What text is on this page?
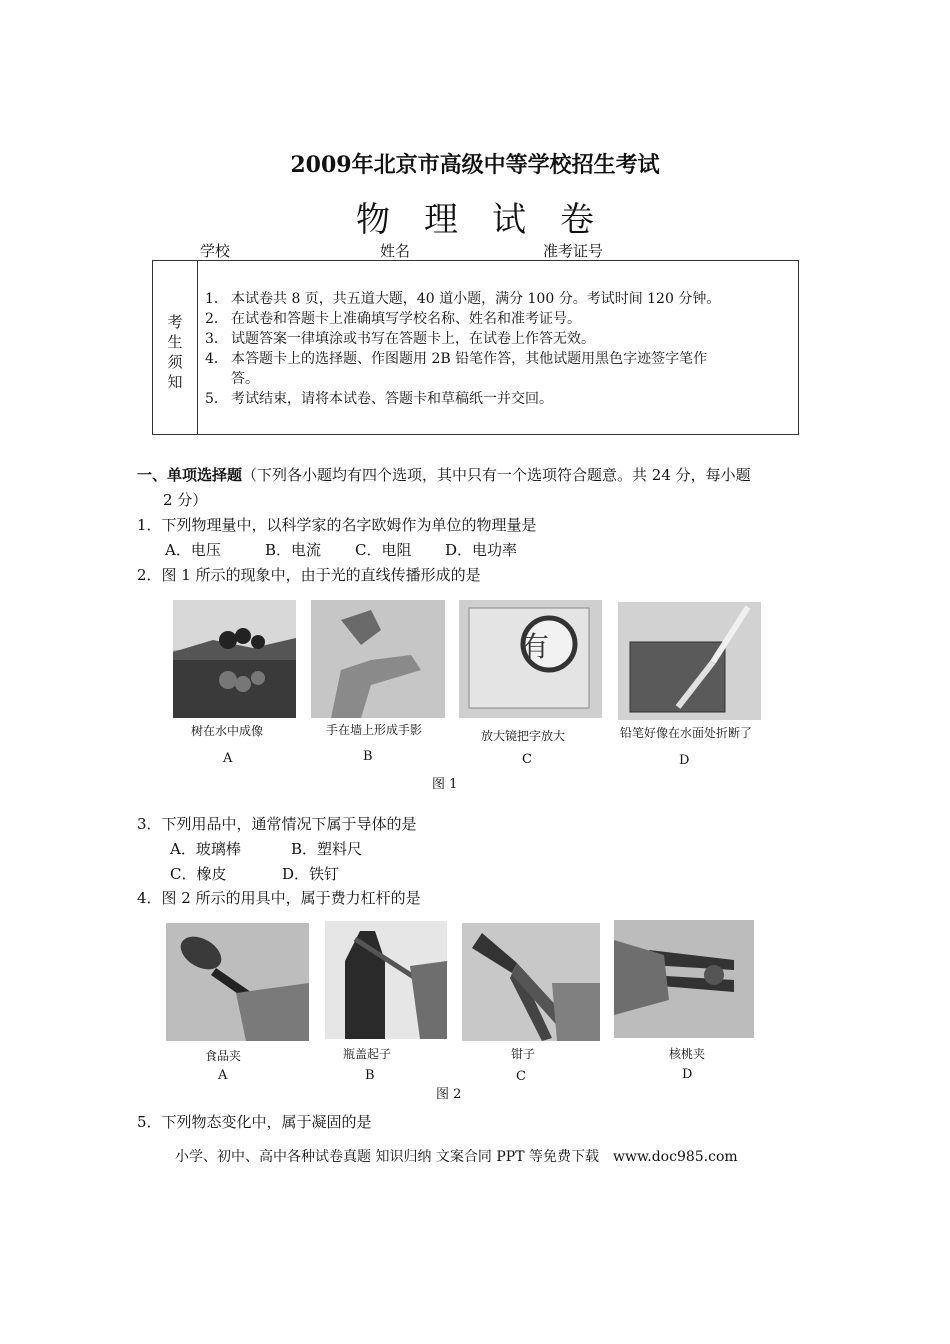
2009年北京市高级中等学校招生考试
物理试卷
学校	姓名	准考证号
考
生
须
知
1． 本试卷共 8 页，共五道大题，40 道小题，满分 100 分。考试时间 120 分钟。
2． 在试卷和答题卡上准确填写学校名称、姓名和准考证号。
3． 试题答案一律填涂或书写在答题卡上，在试卷上作答无效。
4． 本答题卡上的选择题、作图题用 2B 铅笔作答，其他试题用黑色字迹签字笔作
答。
5． 考试结束，请将本试卷、答题卡和草稿纸一并交回。
一、单项选择题（下列各小题均有四个选项，其中只有一个选项符合题意。共 24 分，每小题
2 分）
1．下列物理量中，以科学家的名字欧姆作为单位的物理量是
A．电压	B．电流 C．电阻 D．电功率
2．图 1 所示的现象中，由于光的直线传播形成的是
有
树在水中成像	手在墙上形成手影	放大镜把字放大	铅笔好像在水面处折断了
A	B	C	D
图 1
3．下列用品中，通常情况下属于导体的是
A．玻璃棒	B．塑料尺
C．橡皮	D．铁钉
4．图 2 所示的用具中，属于费力杠杆的是
食品夹	瓶盖起子	钳子	核桃夹
A	B	C	D
图 2
5．下列物态变化中，属于凝固的是
小学、初中、高中各种试卷真题 知识归纳 文案合同 PPT 等免费下载　www.doc985.com
